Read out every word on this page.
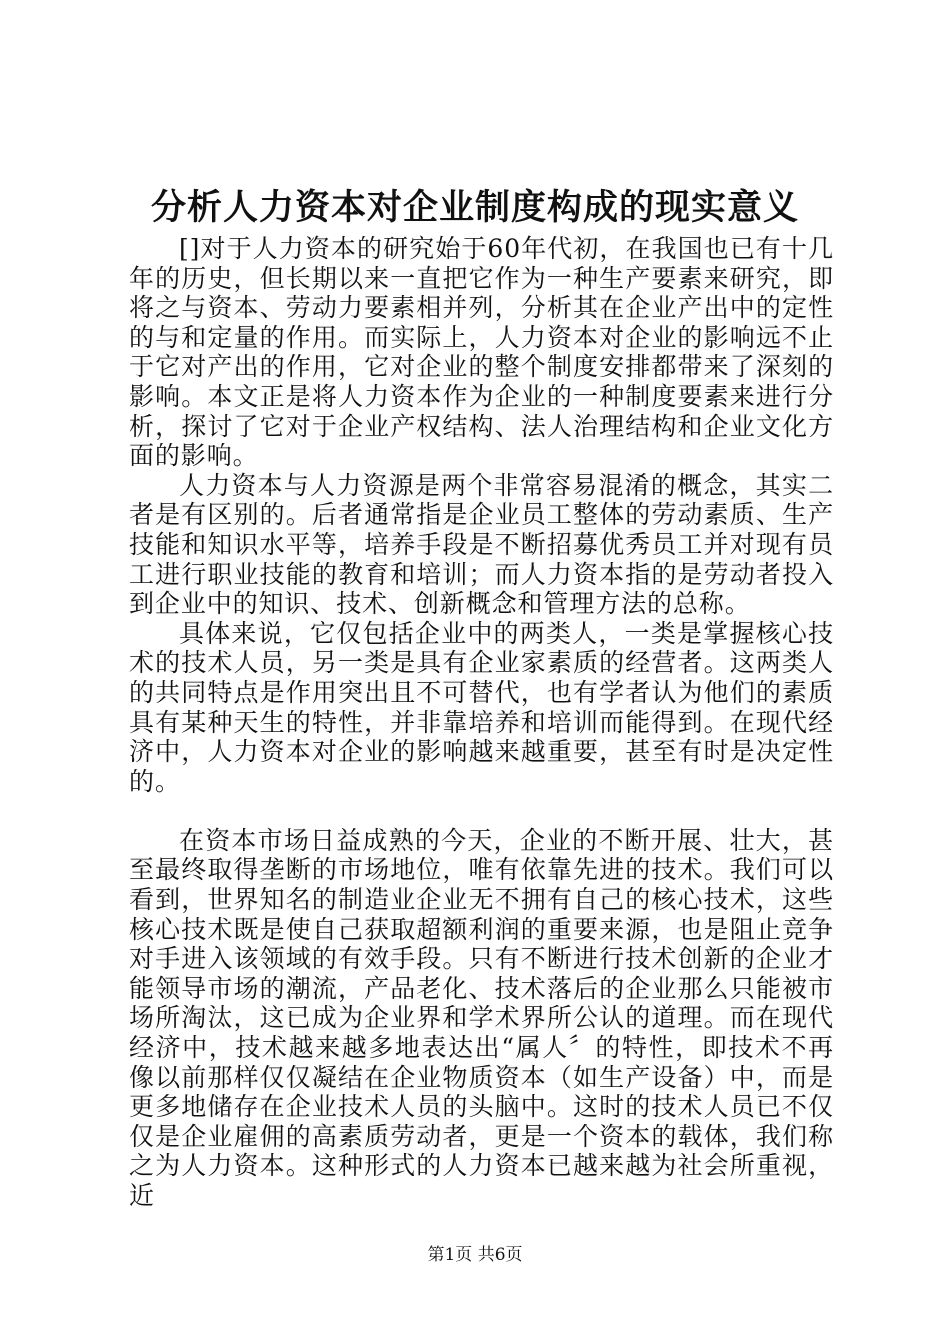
分析人力资本对企业制度构成的现实意义

[]对于人力资本的研究始于60年代初，在我国也已有十几年的历史，但长期以来一直把它作为一种生产要素来研究，即将之与资本、劳动力要素相并列，分析其在企业产出中的定性的与和定量的作用。而实际上，人力资本对企业的影响远不止于它对产出的作用，它对企业的整个制度安排都带来了深刻的影响。本文正是将人力资本作为企业的一种制度要素来进行分析，探讨了它对于企业产权结构、法人治理结构和企业文化方面的影响。

人力资本与人力资源是两个非常容易混淆的概念，其实二者是有区别的。后者通常指是企业员工整体的劳动素质、生产技能和知识水平等，培养手段是不断招募优秀员工并对现有员工进行职业技能的教育和培训；而人力资本指的是劳动者投入到企业中的知识、技术、创新概念和管理方法的总称。

具体来说，它仅包括企业中的两类人，一类是掌握核心技术的技术人员，另一类是具有企业家素质的经营者。这两类人的共同特点是作用突出且不可替代，也有学者认为他们的素质具有某种天生的特性，并非靠培养和培训而能得到。在现代经济中，人力资本对企业的影响越来越重要，甚至有时是决定性的。

在资本市场日益成熟的今天，企业的不断开展、壮大，甚至最终取得垄断的市场地位，唯有依靠先进的技术。我们可以看到，世界知名的制造业企业无不拥有自己的核心技术，这些核心技术既是使自己获取超额利润的重要来源，也是阻止竞争对手进入该领域的有效手段。只有不断进行技术创新的企业才能领导市场的潮流，产品老化、技术落后的企业那么只能被市场所淘汰，这已成为企业界和学术界所公认的道理。而在现代经济中，技术越来越多地表达出“属人〞的特性，即技术不再像以前那样仅仅凝结在企业物质资本（如生产设备）中，而是更多地储存在企业技术人员的头脑中。这时的技术人员已不仅仅是企业雇佣的高素质劳动者，更是一个资本的载体，我们称之为人力资本。这种形式的人力资本已越来越为社会所重视，近

第1页 共6页
